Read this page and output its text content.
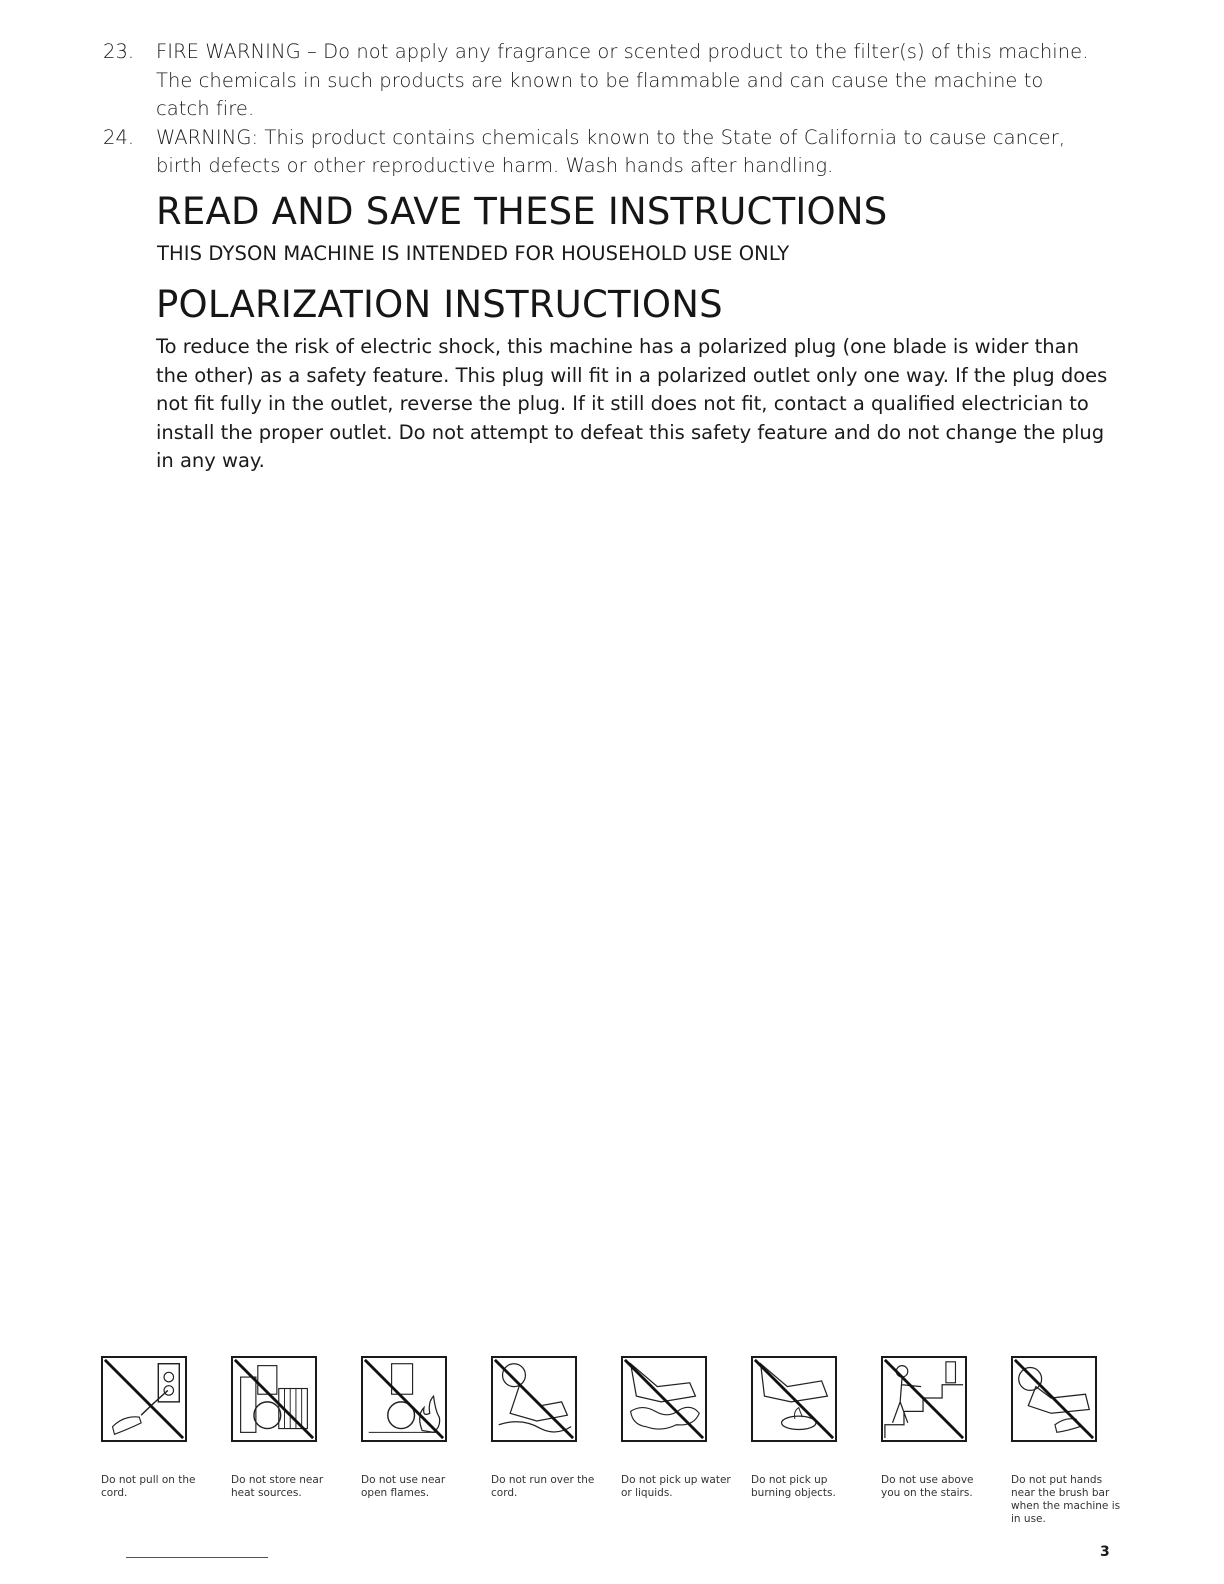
23. FIRE WARNING – Do not apply any fragrance or scented product to the filter(s) of this machine. The chemicals in such products are known to be flammable and can cause the machine to catch fire.
24. WARNING: This product contains chemicals known to the State of California to cause cancer, birth defects or other reproductive harm. Wash hands after handling.
READ AND SAVE THESE INSTRUCTIONS
THIS DYSON MACHINE IS INTENDED FOR HOUSEHOLD USE ONLY
POLARIZATION INSTRUCTIONS

To reduce the risk of electric shock, this machine has a polarized plug (one blade is wider than the other) as a safety feature. This plug will fit in a polarized outlet only one way. If the plug does not fit fully in the outlet, reverse the plug. If it still does not fit, contact a qualified electrician to install the proper outlet. Do not attempt to defeat this safety feature and do not change the plug in any way.

Do not pull on the cord.
Do not store near heat sources.
Do not use near open flames.
Do not run over the cord.
Do not pick up water or liquids.
Do not pick up burning objects.
Do not use above you on the stairs.
Do not put hands near the brush bar when the machine is in use.
3
